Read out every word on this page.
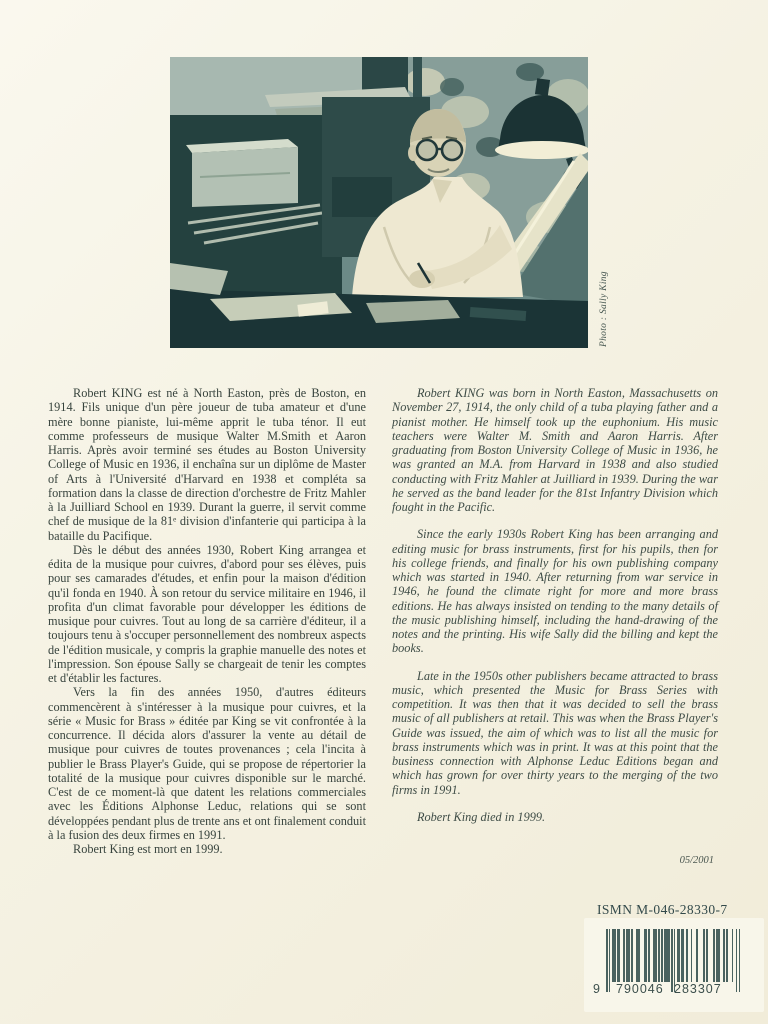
Photo : Sally King

Robert KING est né à North Easton, près de Boston, en 1914. Fils unique d'un père joueur de tuba amateur et d'une mère bonne pianiste, lui-même apprit le tuba ténor. Il eut comme professeurs de musique Walter M.Smith et Aaron Harris. Après avoir terminé ses études au Boston University College of Music en 1936, il enchaîna sur un diplôme de Master of Arts à l'Université d'Harvard en 1938 et compléta sa formation dans la classe de direction d'orchestre de Fritz Mahler à la Juilliard School en 1939. Durant la guerre, il servit comme chef de musique de la 81ᵉ division d'infanterie qui participa à la bataille du Pacifique.

Dès le début des années 1930, Robert King arrangea et édita de la musique pour cuivres, d'abord pour ses élèves, puis pour ses camarades d'études, et enfin pour la maison d'édition qu'il fonda en 1940. À son retour du service militaire en 1946, il profita d'un climat favorable pour développer les éditions de musique pour cuivres. Tout au long de sa carrière d'éditeur, il a toujours tenu à s'occuper personnellement des nombreux aspects de l'édition musicale, y compris la graphie manuelle des notes et l'impression. Son épouse Sally se chargeait de tenir les comptes et d'établir les factures.

Vers la fin des années 1950, d'autres éditeurs commencèrent à s'intéresser à la musique pour cuivres, et la série « Music for Brass » éditée par King se vit confrontée à la concurrence. Il décida alors d'assurer la vente au détail de musique pour cuivres de toutes provenances ; cela l'incita à publier le Brass Player's Guide, qui se propose de répertorier la totalité de la musique pour cuivres disponible sur le marché. C'est de ce moment-là que datent les relations commerciales avec les Éditions Alphonse Leduc, relations qui se sont développées pendant plus de trente ans et ont finalement conduit à la fusion des deux firmes en 1991.

Robert King est mort en 1999.

Robert KING was born in North Easton, Massachusetts on November 27, 1914, the only child of a tuba playing father and a pianist mother. He himself took up the euphonium. His music teachers were Walter M. Smith and Aaron Harris. After graduating from Boston University College of Music in 1936, he was granted an M.A. from Harvard in 1938 and also studied conducting with Fritz Mahler at Juilliard in 1939. During the war he served as the band leader for the 81st Infantry Division which fought in the Pacific.

Since the early 1930s Robert King has been arranging and editing music for brass instruments, first for his pupils, then for his college friends, and finally for his own publishing company which was started in 1940. After returning from war service in 1946, he found the climate right for more and more brass editions. He has always insisted on tending to the many details of the music publishing himself, including the hand-drawing of the notes and the printing. His wife Sally did the billing and kept the books.

Late in the 1950s other publishers became attracted to brass music, which presented the Music for Brass Series with competition. It was then that it was decided to sell the brass music of all publishers at retail. This was when the Brass Player's Guide was issued, the aim of which was to list all the music for brass instruments which was in print. It was at this point that the business connection with Alphonse Leduc Editions began and which has grown for over thirty years to the merging of the two firms in 1991.

Robert King died in 1999.

05/2001
ISMN M-046-28330-7
9 790046 283307
